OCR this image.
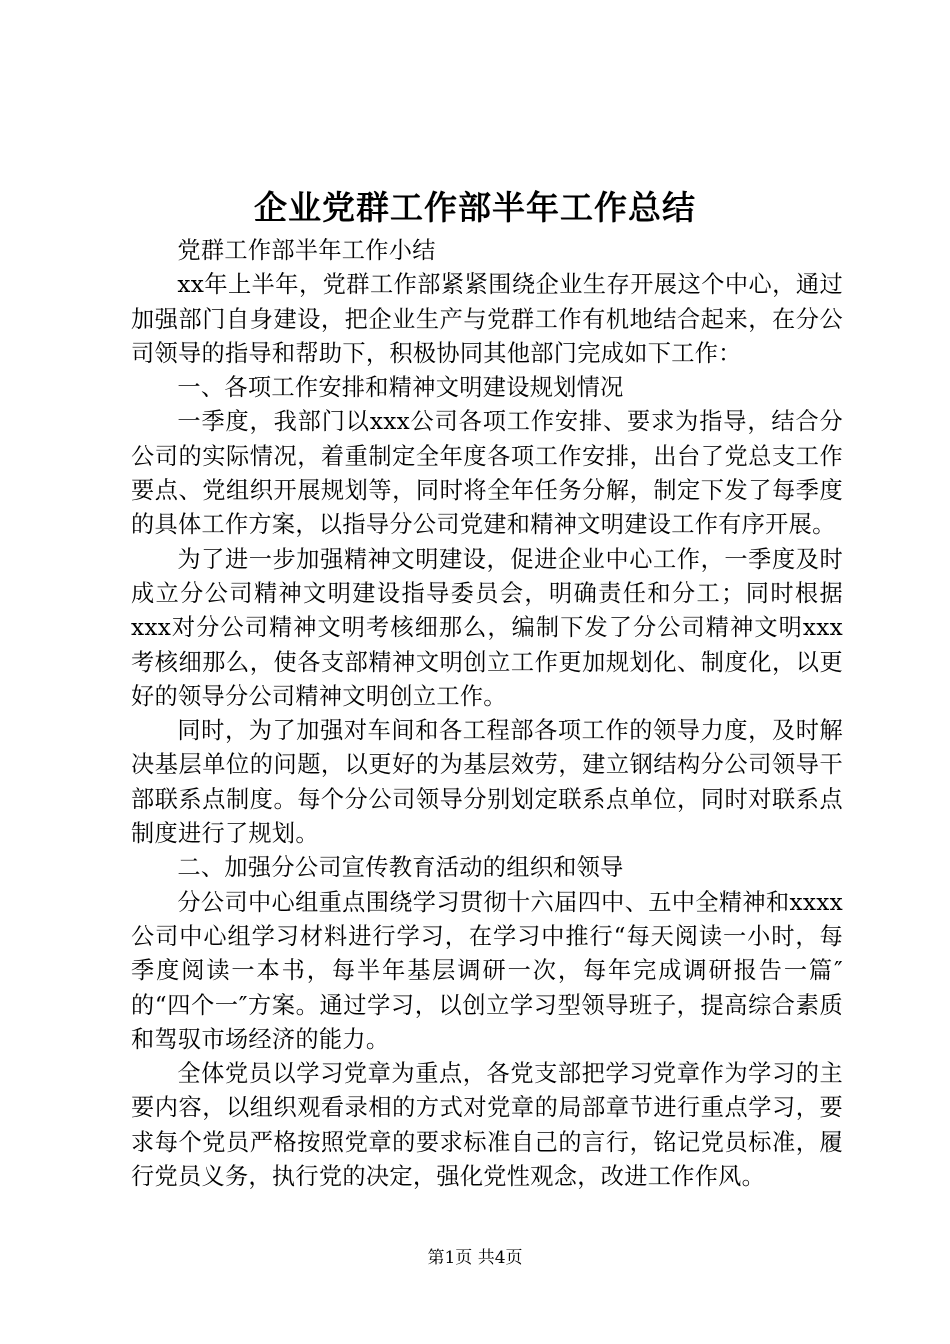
企业党群工作部半年工作总结

党群工作部半年工作小结

xx年上半年，党群工作部紧紧围绕企业生存开展这个中心，通过加强部门自身建设，把企业生产与党群工作有机地结合起来，在分公司领导的指导和帮助下，积极协同其他部门完成如下工作：

一、各项工作安排和精神文明建设规划情况

一季度，我部门以xxx公司各项工作安排、要求为指导，结合分公司的实际情况，着重制定全年度各项工作安排，出台了党总支工作要点、党组织开展规划等，同时将全年任务分解，制定下发了每季度的具体工作方案，以指导分公司党建和精神文明建设工作有序开展。

为了进一步加强精神文明建设，促进企业中心工作，一季度及时成立分公司精神文明建设指导委员会，明确责任和分工；同时根据xxx对分公司精神文明考核细那么，编制下发了分公司精神文明xxx考核细那么，使各支部精神文明创立工作更加规划化、制度化，以更好的领导分公司精神文明创立工作。

同时，为了加强对车间和各工程部各项工作的领导力度，及时解决基层单位的问题，以更好的为基层效劳，建立钢结构分公司领导干部联系点制度。每个分公司领导分别划定联系点单位，同时对联系点制度进行了规划。

二、加强分公司宣传教育活动的组织和领导

分公司中心组重点围绕学习贯彻十六届四中、五中全精神和xxxx公司中心组学习材料进行学习，在学习中推行“每天阅读一小时，每季度阅读一本书，每半年基层调研一次，每年完成调研报告一篇″的“四个一″方案。通过学习，以创立学习型领导班子，提高综合素质和驾驭市场经济的能力。

全体党员以学习党章为重点，各党支部把学习党章作为学习的主要内容，以组织观看录相的方式对党章的局部章节进行重点学习，要求每个党员严格按照党章的要求标准自己的言行，铭记党员标准，履行党员义务，执行党的决定，强化党性观念，改进工作作风。

第1页 共4页
